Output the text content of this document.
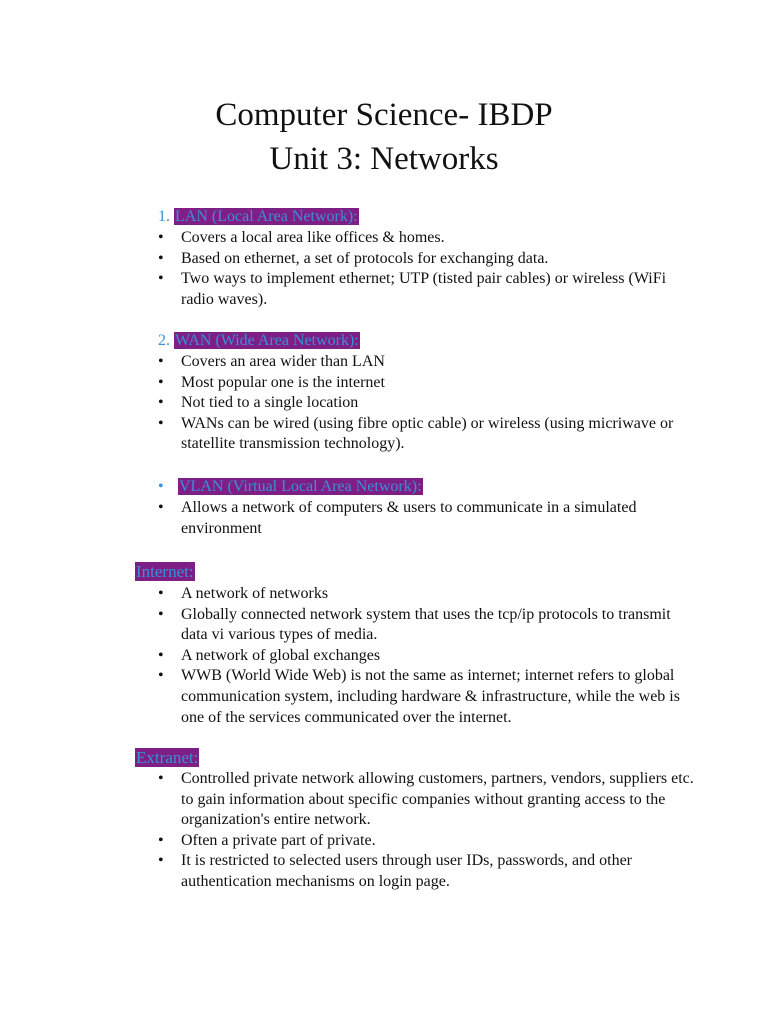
Computer Science- IBDP
Unit 3: Networks
1. LAN (Local Area Network):
• Covers a local area like offices & homes.
• Based on ethernet, a set of protocols for exchanging data.
• Two ways to implement ethernet; UTP (tisted pair cables) or wireless (WiFi radio waves).
2. WAN (Wide Area Network):
• Covers an area wider than LAN
• Most popular one is the internet
• Not tied to a single location
• WANs can be wired (using fibre optic cable) or wireless (using micriwave or statellite transmission technology).
• VLAN (Virtual Local Area Network):
• Allows a network of computers & users to communicate in a simulated environment
Internet:
• A network of networks
• Globally connected network system that uses the tcp/ip protocols to transmit data vi various types of media.
• A network of global exchanges
• WWB (World Wide Web) is not the same as internet; internet refers to global communication system, including hardware & infrastructure, while the web is one of the services communicated over the internet.
Extranet:
• Controlled private network allowing customers, partners, vendors, suppliers etc. to gain information about specific companies without granting access to the organization's entire network.
• Often a private part of private.
• It is restricted to selected users through user IDs, passwords, and other authentication mechanisms on login page.
